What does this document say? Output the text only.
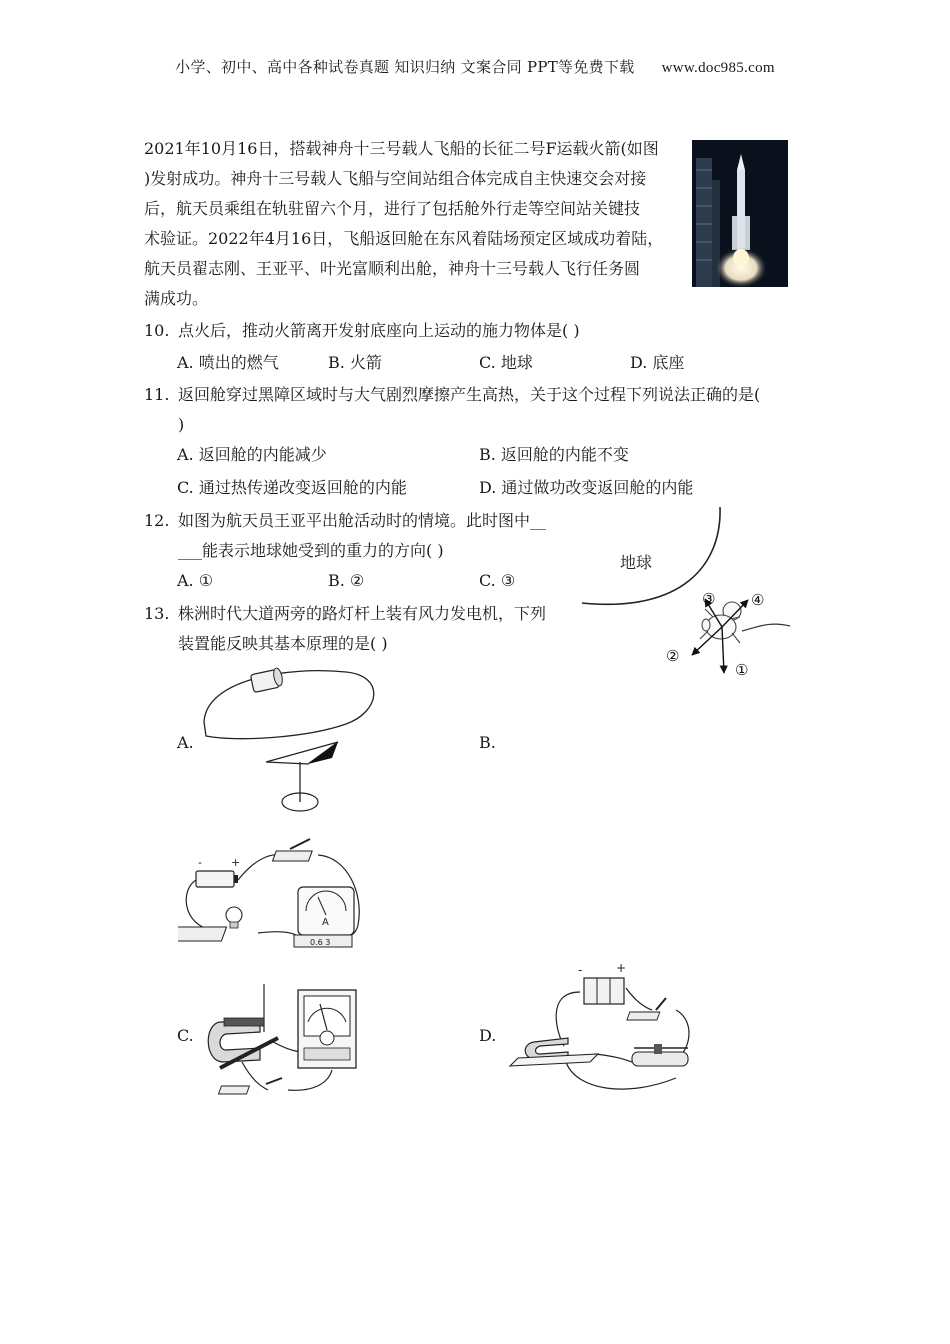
小学、初中、高中各种试卷真题 知识归纳 文案合同 PPT等免费下载 www.doc985.com
2021年10月16日，搭载神舟十三号载人飞船的长征二号F运载火箭(如图
)发射成功。神舟十三号载人飞船与空间站组合体完成自主快速交会对接
后，航天员乘组在轨驻留六个月，进行了包括舱外行走等空间站关键技
术验证。2022年4月16日，飞船返回舱在东风着陆场预定区域成功着陆，
航天员翟志刚、王亚平、叶光富顺利出舱，神舟十三号载人飞行任务圆
满成功。
10. 点火后，推动火箭离开发射底座向上运动的施力物体是( )
A. 喷出的燃气	B. 火箭	C. 地球	D. 底座
11. 返回舱穿过黑障区域时与大气剧烈摩擦产生高热，关于这个过程下列说法正确的是(
)
A. 返回舱的内能减少	B. 返回舱的内能不变
C. 通过热传递改变返回舱的内能	D. 通过做功改变返回舱的内能
12. 如图为航天员王亚平出舱活动时的情境。此时图中__
___能表示地球她受到的重力的方向( )
A. ①	B. ②	C. ③
地球
①
②
③ ④
13. 株洲时代大道两旁的路灯杆上装有风力发电机，下列
装置能反映其基本原理的是( )
A.	B.
C.	D.
-	+
A
0.6 3
-	+
